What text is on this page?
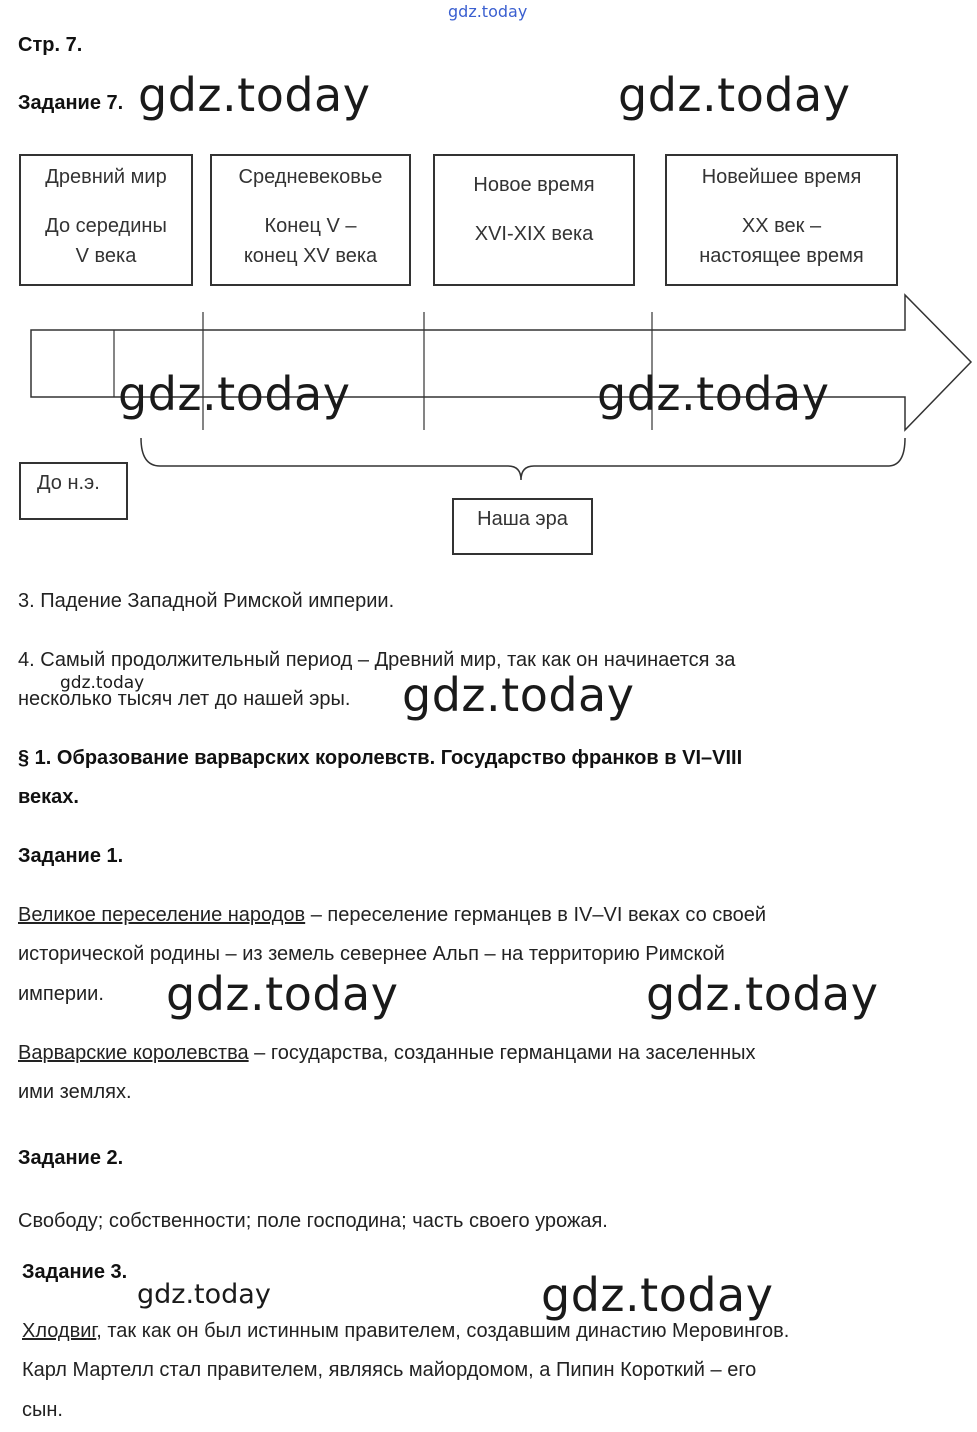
gdz.today
Стр. 7.
Задание 7. gdz.today	gdz.today
Древний мир
До середины
V века
Средневековье
Конец V –
конец XV века
Новое время
XVI-XIX века
Новейшее время
XX век –
настоящее время
gdz.today	gdz.today
До н.э.
Наша эра
3. Падение Западной Римской империи.
4. Самый продолжительный период – Древний мир, так как он начинается за
несколько тысяч лет до нашей эры.
gdz.today	gdz.today
§ 1. Образование варварских королевств. Государство франков в VI–VIII
веках.
Задание 1.
Великое переселение народов – переселение германцев в IV–VI веках со своей
исторической родины – из земель севернее Альп – на территорию Римской
империи. gdz.today	gdz.today
Варварские королевства – государства, созданные германцами на заселенных
ими землях.
Задание 2.
Свободу; собственности; поле господина; часть своего урожая.
Задание 3.
gdz.today	gdz.today
Хлодвиг, так как он был истинным правителем, создавшим династию Меровингов.
Карл Мартелл стал правителем, являясь майордомом, а Пипин Короткий – его
сын.
